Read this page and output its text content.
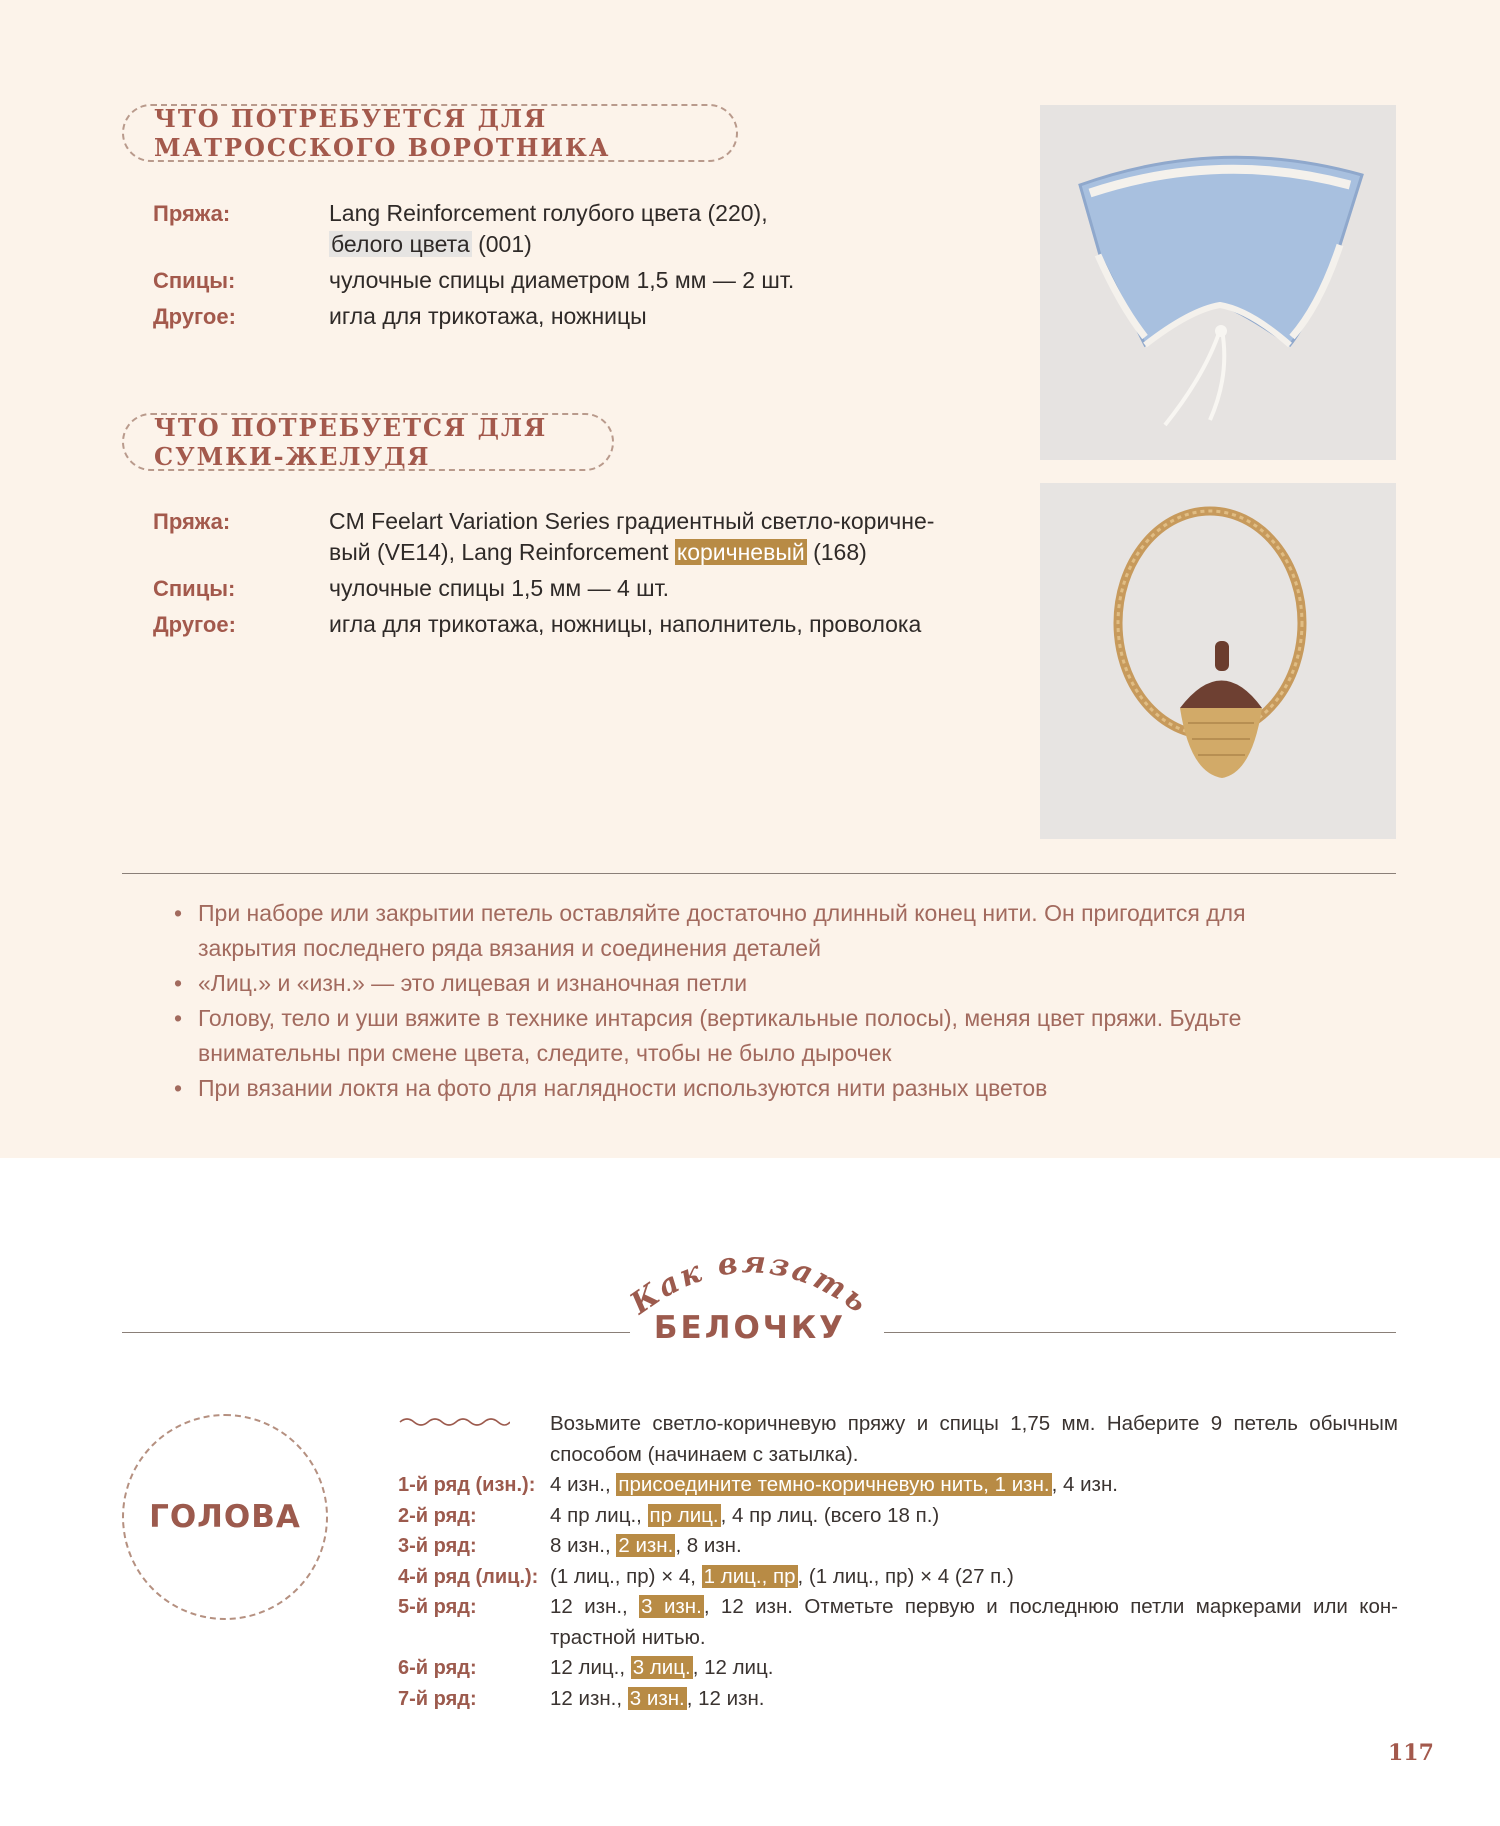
ЧТО ПОТРЕБУЕТСЯ ДЛЯ МАТРОССКОГО ВОРОТНИКА
Пряжа:	Lang Reinforcement голубого цвета (220),
белого цвета (001)
Спицы:	чулочные спицы диаметром 1,5 мм — 2 шт.
Другое:	игла для трикотажа, ножницы
ЧТО ПОТРЕБУЕТСЯ ДЛЯ СУМКИ-ЖЕЛУДЯ
Пряжа:	CM Feelart Variation Series градиентный светло-коричне-вый (VE14), Lang Reinforcement коричневый (168)
Спицы:	чулочные спицы 1,5 мм — 4 шт.
Другое:	игла для трикотажа, ножницы, наполнитель, проволока
• При наборе или закрытии петель оставляйте достаточно длинный конец нити. Он пригодится для закрытия последнего ряда вязания и соединения деталей
• «Лиц.» и «изн.» — это лицевая и изнаночная петли
• Голову, тело и уши вяжите в технике интарсия (вертикальные полосы), меняя цвет пряжи. Будьте внимательны при смене цвета, следите, чтобы не было дырочек
• При вязании локтя на фото для наглядности используются нити разных цветов
Как вязать
БЕЛОЧКУ
ГОЛОВА
Возьмите светло-коричневую пряжу и спицы 1,75 мм. Наберите 9 петель обычным способом (начинаем с затылка).
1-й ряд (изн.): 4 изн., присоедините темно-коричневую нить, 1 изн., 4 изн.
2-й ряд:	4 пр лиц., пр лиц., 4 пр лиц. (всего 18 п.)
3-й ряд:	8 изн., 2 изн., 8 изн.
4-й ряд (лиц.): (1 лиц., пр) × 4, 1 лиц., пр, (1 лиц., пр) × 4 (27 п.)
5-й ряд:	12 изн., 3 изн., 12 изн. Отметьте первую и последнюю петли маркерами или кон-трастной нитью.
6-й ряд:	12 лиц., 3 лиц., 12 лиц.
7-й ряд:	12 изн., 3 изн., 12 изн.
117
